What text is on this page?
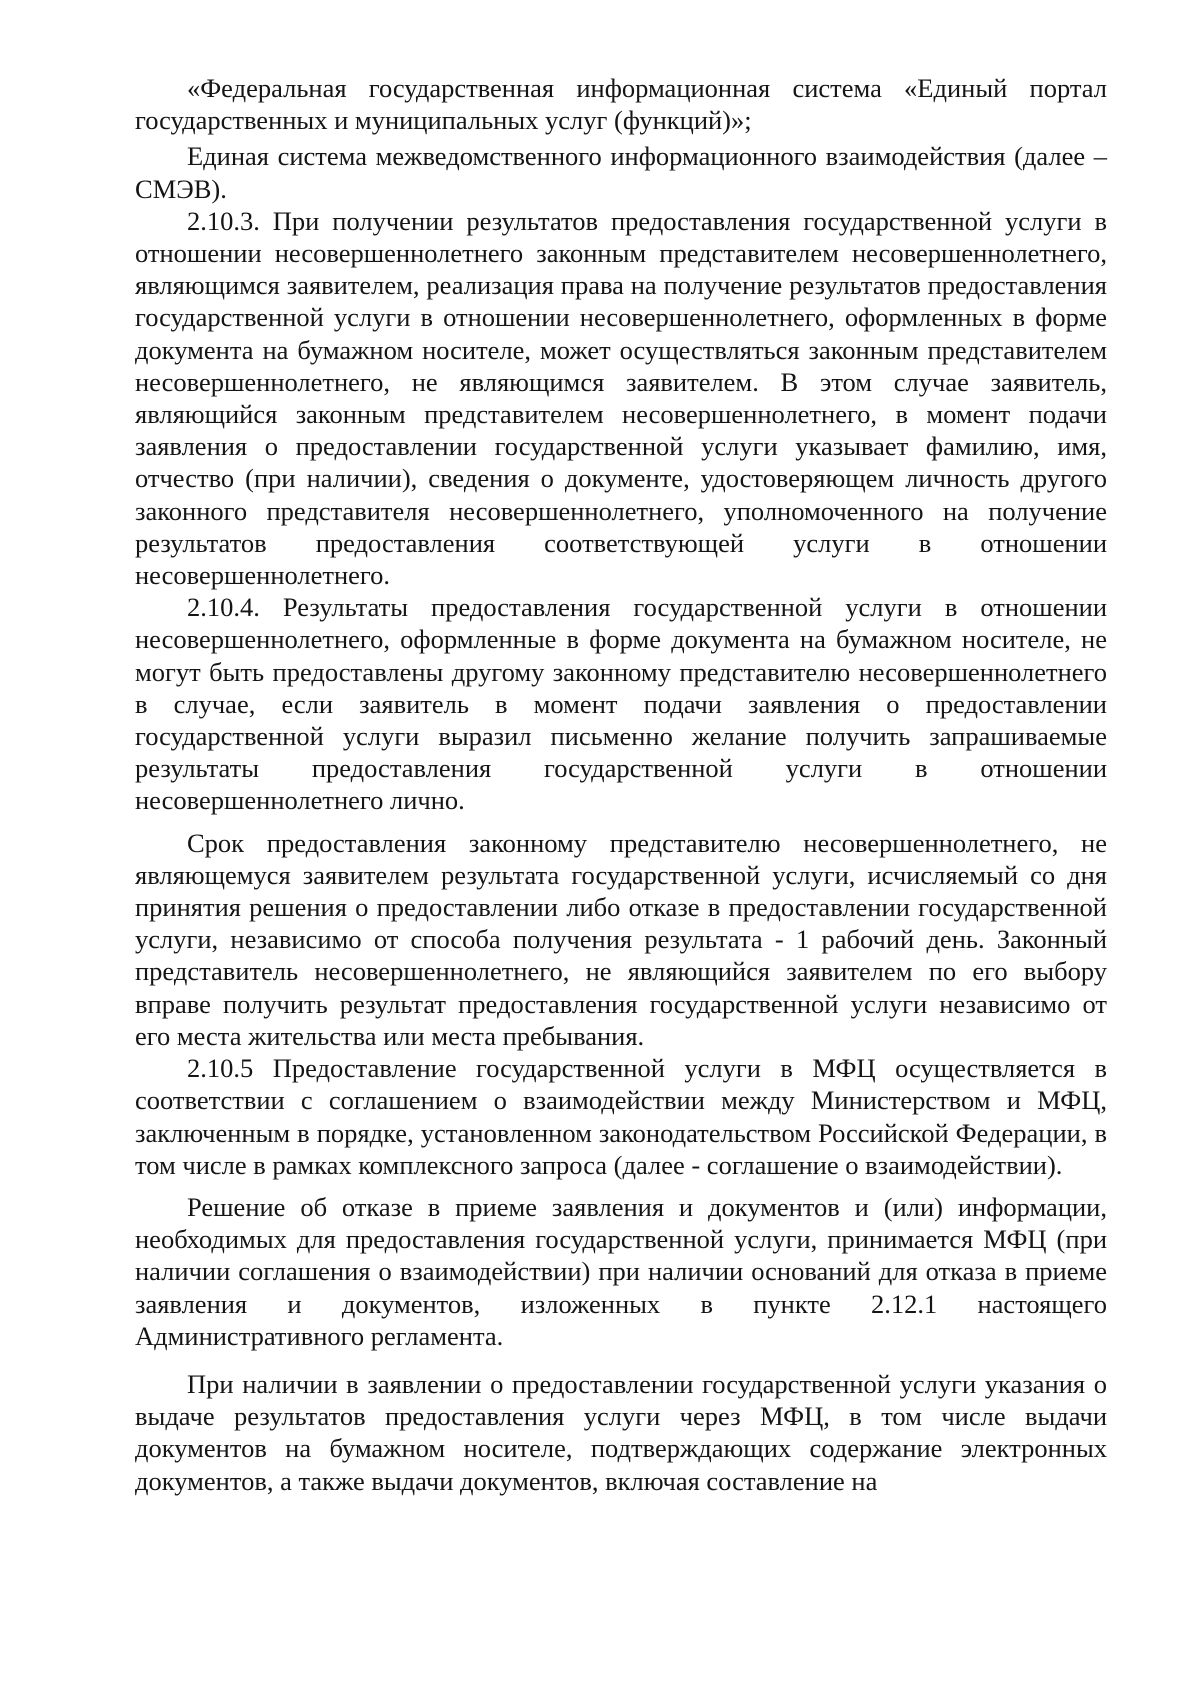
«Федеральная государственная информационная система «Единый портал государственных и муниципальных услуг (функций)»;

Единая система межведомственного информационного взаимодействия (далее – СМЭВ).

2.10.3. При получении результатов предоставления государственной услуги в отношении несовершеннолетнего законным представителем несовершеннолетнего, являющимся заявителем, реализация права на получение результатов предоставления государственной услуги в отношении несовершеннолетнего, оформленных в форме документа на бумажном носителе, может осуществляться законным представителем несовершеннолетнего, не являющимся заявителем. В этом случае заявитель, являющийся законным представителем несовершеннолетнего, в момент подачи заявления о предоставлении государственной услуги указывает фамилию, имя, отчество (при наличии), сведения о документе, удостоверяющем личность другого законного представителя несовершеннолетнего, уполномоченного на получение результатов предоставления соответствующей услуги в отношении несовершеннолетнего.

2.10.4. Результаты предоставления государственной услуги в отношении несовершеннолетнего, оформленные в форме документа на бумажном носителе, не могут быть предоставлены другому законному представителю несовершеннолетнего в случае, если заявитель в момент подачи заявления о предоставлении государственной услуги выразил письменно желание получить запрашиваемые результаты предоставления государственной услуги в отношении несовершеннолетнего лично.

Срок предоставления законному представителю несовершеннолетнего, не являющемуся заявителем результата государственной услуги, исчисляемый со дня принятия решения о предоставлении либо отказе в предоставлении государственной услуги, независимо от способа получения результата - 1 рабочий день. Законный представитель несовершеннолетнего, не являющийся заявителем по его выбору вправе получить результат предоставления государственной услуги независимо от его места жительства или места пребывания.

2.10.5 Предоставление государственной услуги в МФЦ осуществляется в соответствии с соглашением о взаимодействии между Министерством и МФЦ, заключенным в порядке, установленном законодательством Российской Федерации, в том числе в рамках комплексного запроса (далее - соглашение о взаимодействии).

Решение об отказе в приеме заявления и документов и (или) информации, необходимых для предоставления государственной услуги, принимается МФЦ (при наличии соглашения о взаимодействии) при наличии оснований для отказа в приеме заявления и документов, изложенных в пункте 2.12.1 настоящего Административного регламента.

При наличии в заявлении о предоставлении государственной услуги указания о выдаче результатов предоставления услуги через МФЦ, в том числе выдачи документов на бумажном носителе, подтверждающих содержание электронных документов, а также выдачи документов, включая составление на
